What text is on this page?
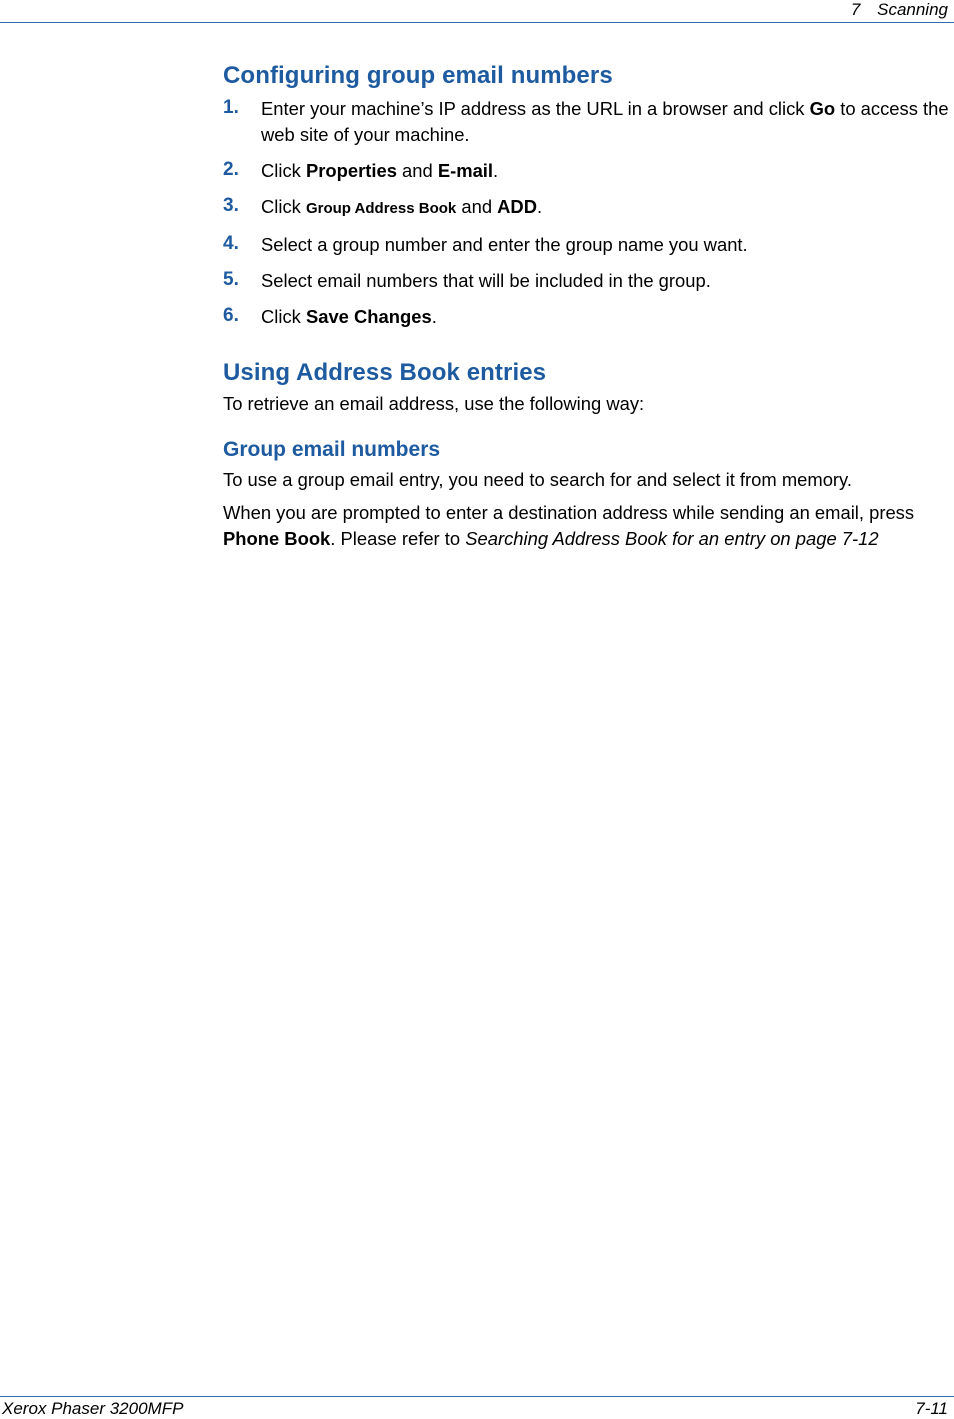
7 Scanning
Configuring group email numbers
1. Enter your machine’s IP address as the URL in a browser and click Go to access the web site of your machine.
2. Click Properties and E-mail.
3. Click Group Address Book and ADD.
4. Select a group number and enter the group name you want.
5. Select email numbers that will be included in the group.
6. Click Save Changes.
Using Address Book entries

To retrieve an email address, use the following way:

Group email numbers

To use a group email entry, you need to search for and select it from memory.

When you are prompted to enter a destination address while sending an email, press Phone Book. Please refer to Searching Address Book for an entry on page 7-12

Xerox Phaser 3200MFP	7-11
